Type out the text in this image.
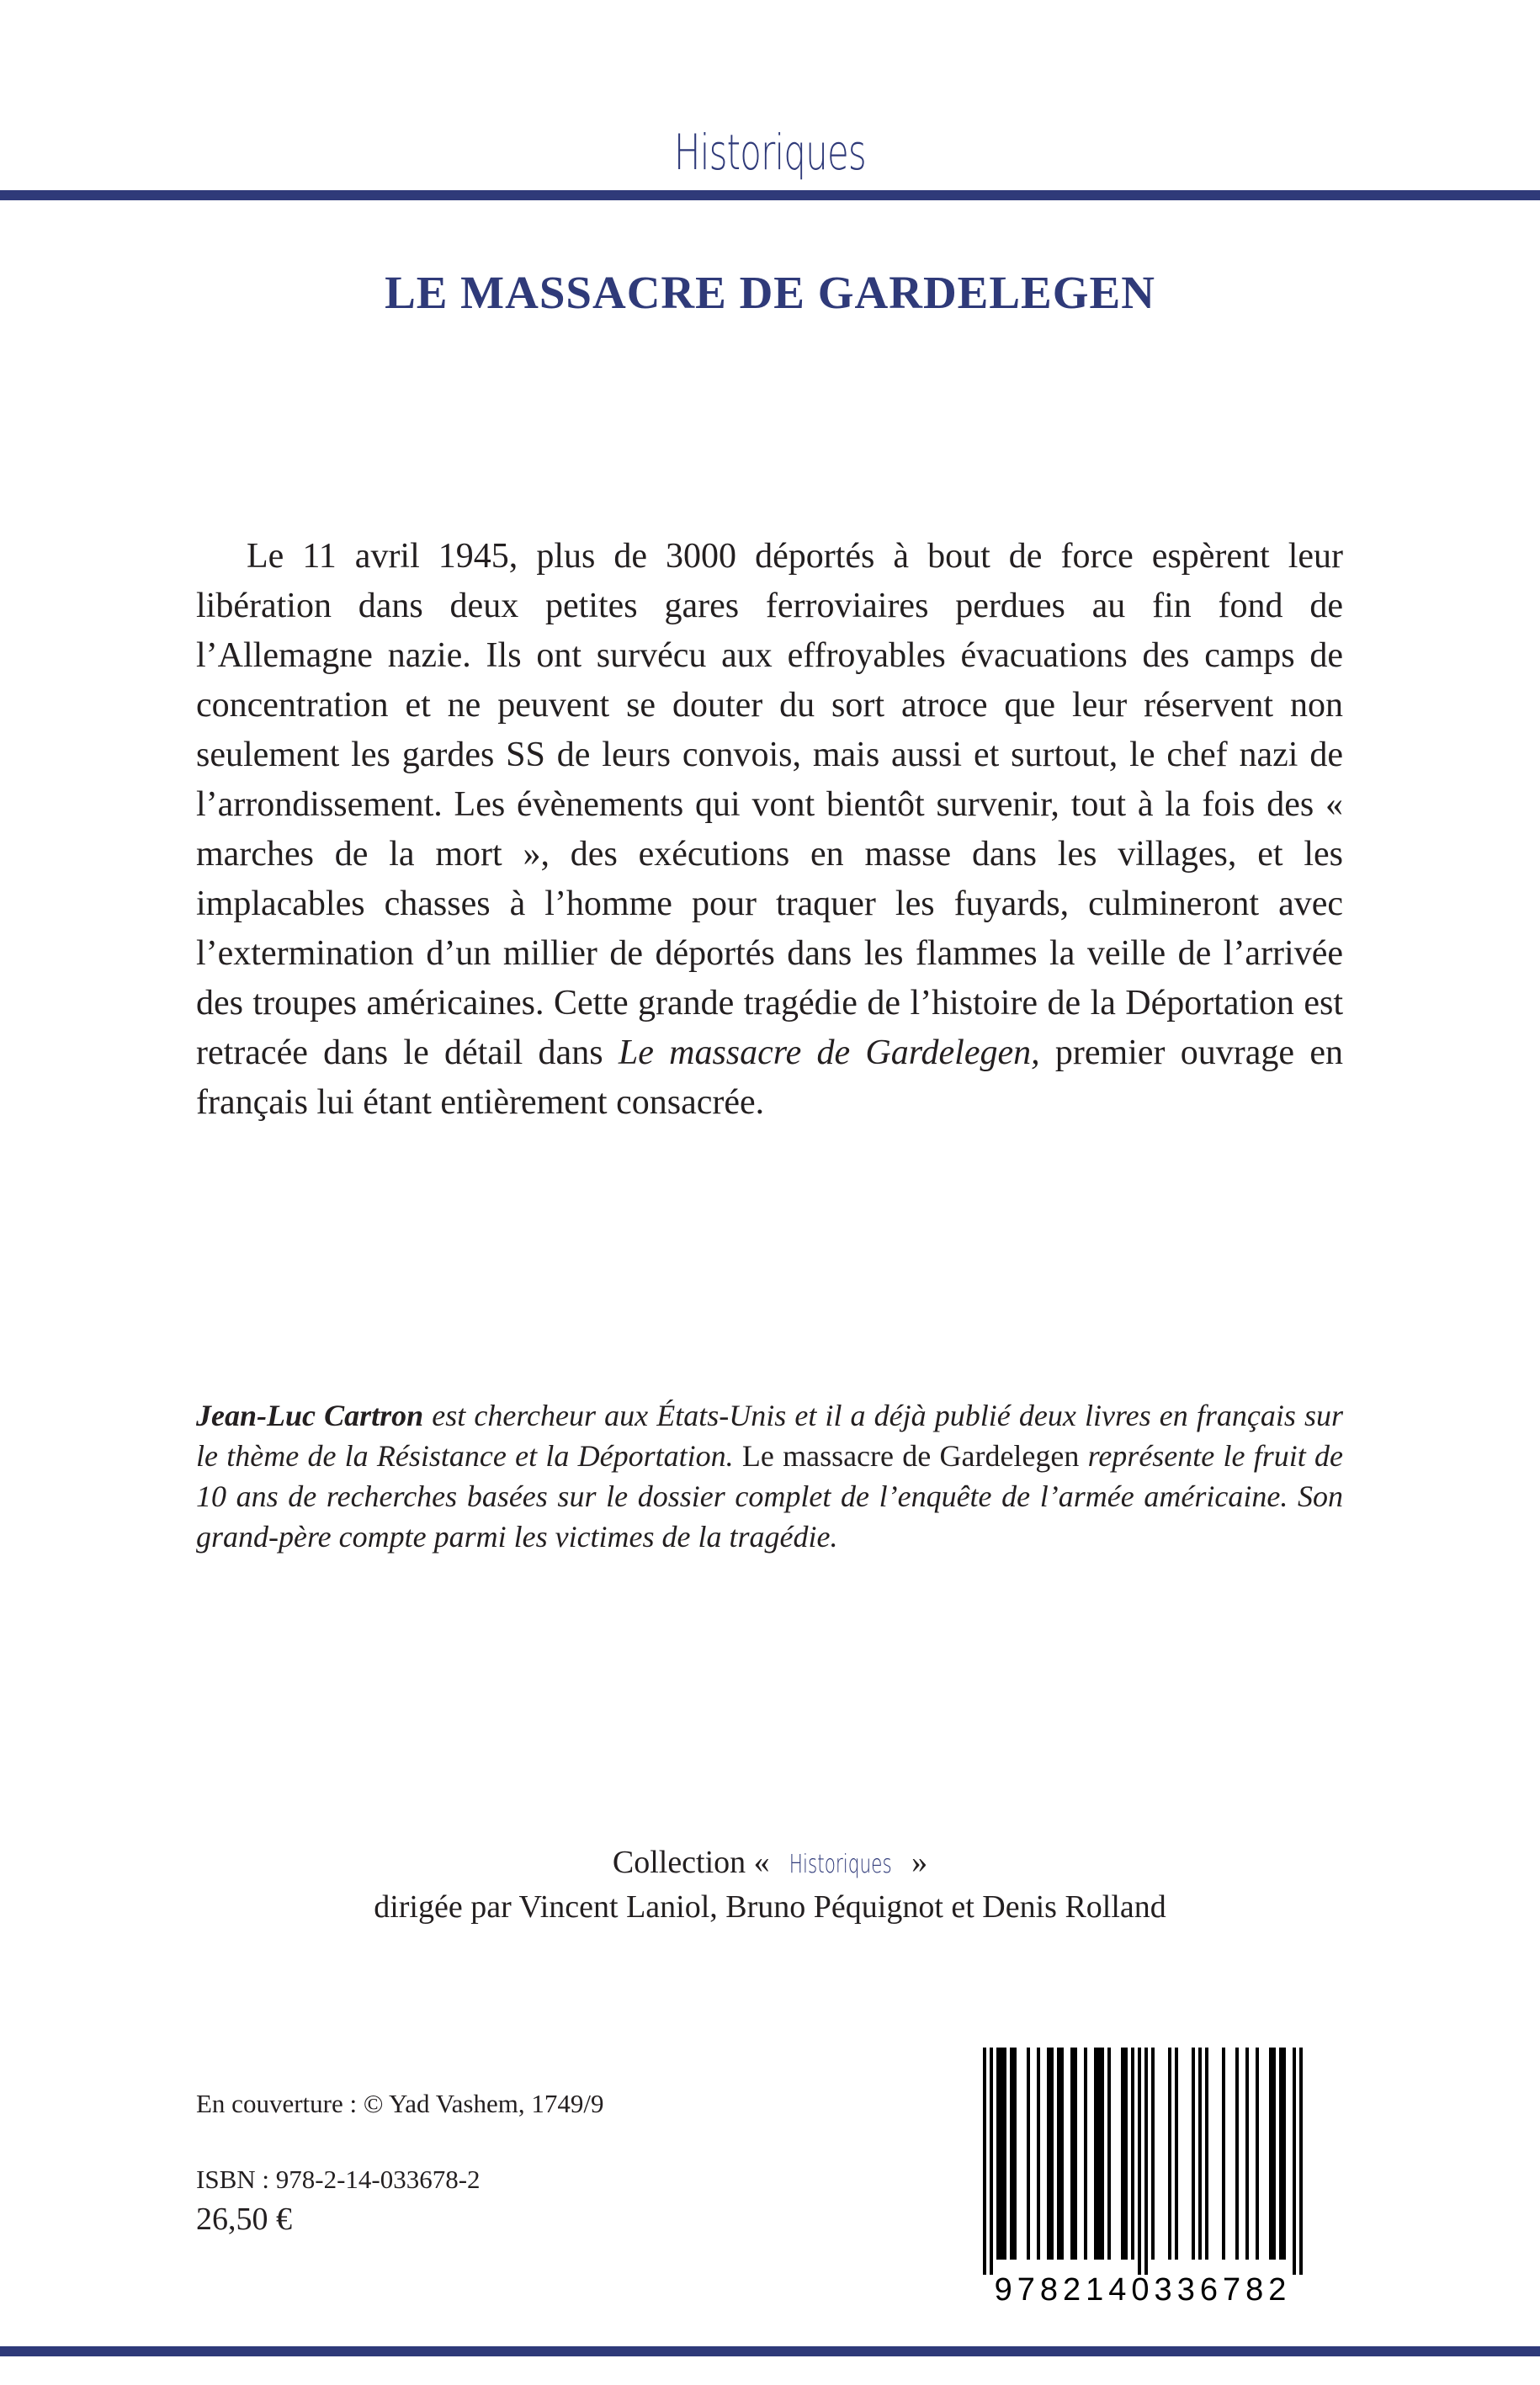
Historiques
LE MASSACRE DE GARDELEGEN

Le 11 avril 1945, plus de 3000 déportés à bout de force espèrent leur libération dans deux petites gares ferroviaires perdues au fin fond de l’Allemagne nazie. Ils ont survécu aux effroyables évacuations des camps de concentration et ne peuvent se douter du sort atroce que leur réservent non seulement les gardes SS de leurs convois, mais aussi et surtout, le chef nazi de l’arrondissement. Les évènements qui vont bientôt survenir, tout à la fois des « marches de la mort », des exécutions en masse dans les villages, et les implacables chasses à l’homme pour traquer les fuyards, culmineront avec l’extermination d’un millier de déportés dans les flammes la veille de l’arrivée des troupes américaines. Cette grande tragédie de l’histoire de la Déportation est retracée dans le détail dans Le massacre de Gardelegen, premier ouvrage en français lui étant entièrement consacrée.

Jean-Luc Cartron est chercheur aux États-Unis et il a déjà publié deux livres en français sur le thème de la Résistance et la Déportation. Le massacre de Gardelegen représente le fruit de 10 ans de recherches basées sur le dossier complet de l’enquête de l’armée américaine. Son grand-père compte parmi les victimes de la tragédie.

Collection « Historiques »
dirigée par Vincent Laniol, Bruno Péquignot et Denis Rolland
En couverture : © Yad Vashem, 1749/9
ISBN : 978-2-14-033678-2
26,50 €
9782140336782
